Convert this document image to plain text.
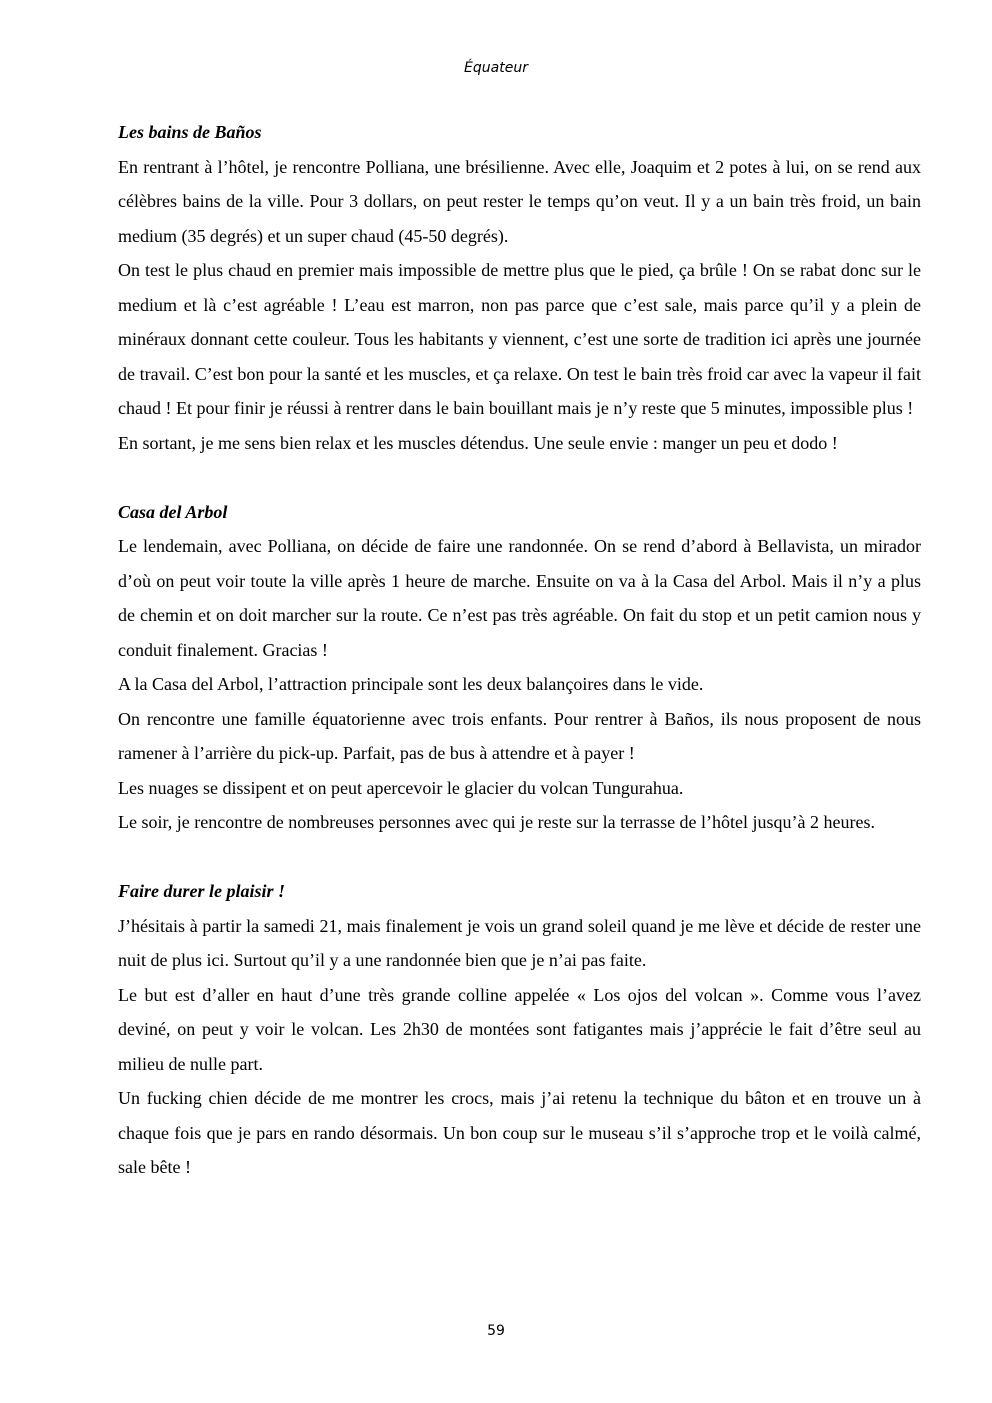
Équateur

Les bains de Baños

En rentrant à l’hôtel, je rencontre Polliana, une brésilienne. Avec elle, Joaquim et 2 potes à lui, on se rend aux célèbres bains de la ville. Pour 3 dollars, on peut rester le temps qu’on veut. Il y a un bain très froid, un bain medium (35 degrés) et un super chaud (45-50 degrés).

On test le plus chaud en premier mais impossible de mettre plus que le pied, ça brûle ! On se rabat donc sur le medium et là c’est agréable ! L’eau est marron, non pas parce que c’est sale, mais parce qu’il y a plein de minéraux donnant cette couleur. Tous les habitants y viennent, c’est une sorte de tradition ici après une journée de travail. C’est bon pour la santé et les muscles, et ça relaxe. On test le bain très froid car avec la vapeur il fait chaud ! Et pour finir je réussi à rentrer dans le bain bouillant mais je n’y reste que 5 minutes, impossible plus !

En sortant, je me sens bien relax et les muscles détendus. Une seule envie : manger un peu et dodo !

Casa del Arbol

Le lendemain, avec Polliana, on décide de faire une randonnée. On se rend d’abord à Bellavista, un mirador d’où on peut voir toute la ville après 1 heure de marche. Ensuite on va à la Casa del Arbol. Mais il n’y a plus de chemin et on doit marcher sur la route. Ce n’est pas très agréable. On fait du stop et un petit camion nous y conduit finalement. Gracias !

A la Casa del Arbol, l’attraction principale sont les deux balançoires dans le vide.

On rencontre une famille équatorienne avec trois enfants. Pour rentrer à Baños, ils nous proposent de nous ramener à l’arrière du pick-up. Parfait, pas de bus à attendre et à payer !

Les nuages se dissipent et on peut apercevoir le glacier du volcan Tungurahua.

Le soir, je rencontre de nombreuses personnes avec qui je reste sur la terrasse de l’hôtel jusqu’à 2 heures.

Faire durer le plaisir !

J’hésitais à partir la samedi 21, mais finalement je vois un grand soleil quand je me lève et décide de rester une nuit de plus ici. Surtout qu’il y a une randonnée bien que je n’ai pas faite.

Le but est d’aller en haut d’une très grande colline appelée « Los ojos del volcan ». Comme vous l’avez deviné, on peut y voir le volcan. Les 2h30 de montées sont fatigantes mais j’apprécie le fait d’être seul au milieu de nulle part.

Un fucking chien décide de me montrer les crocs, mais j’ai retenu la technique du bâton et en trouve un à chaque fois que je pars en rando désormais. Un bon coup sur le museau s’il s’approche trop et le voilà calmé, sale bête !

59
